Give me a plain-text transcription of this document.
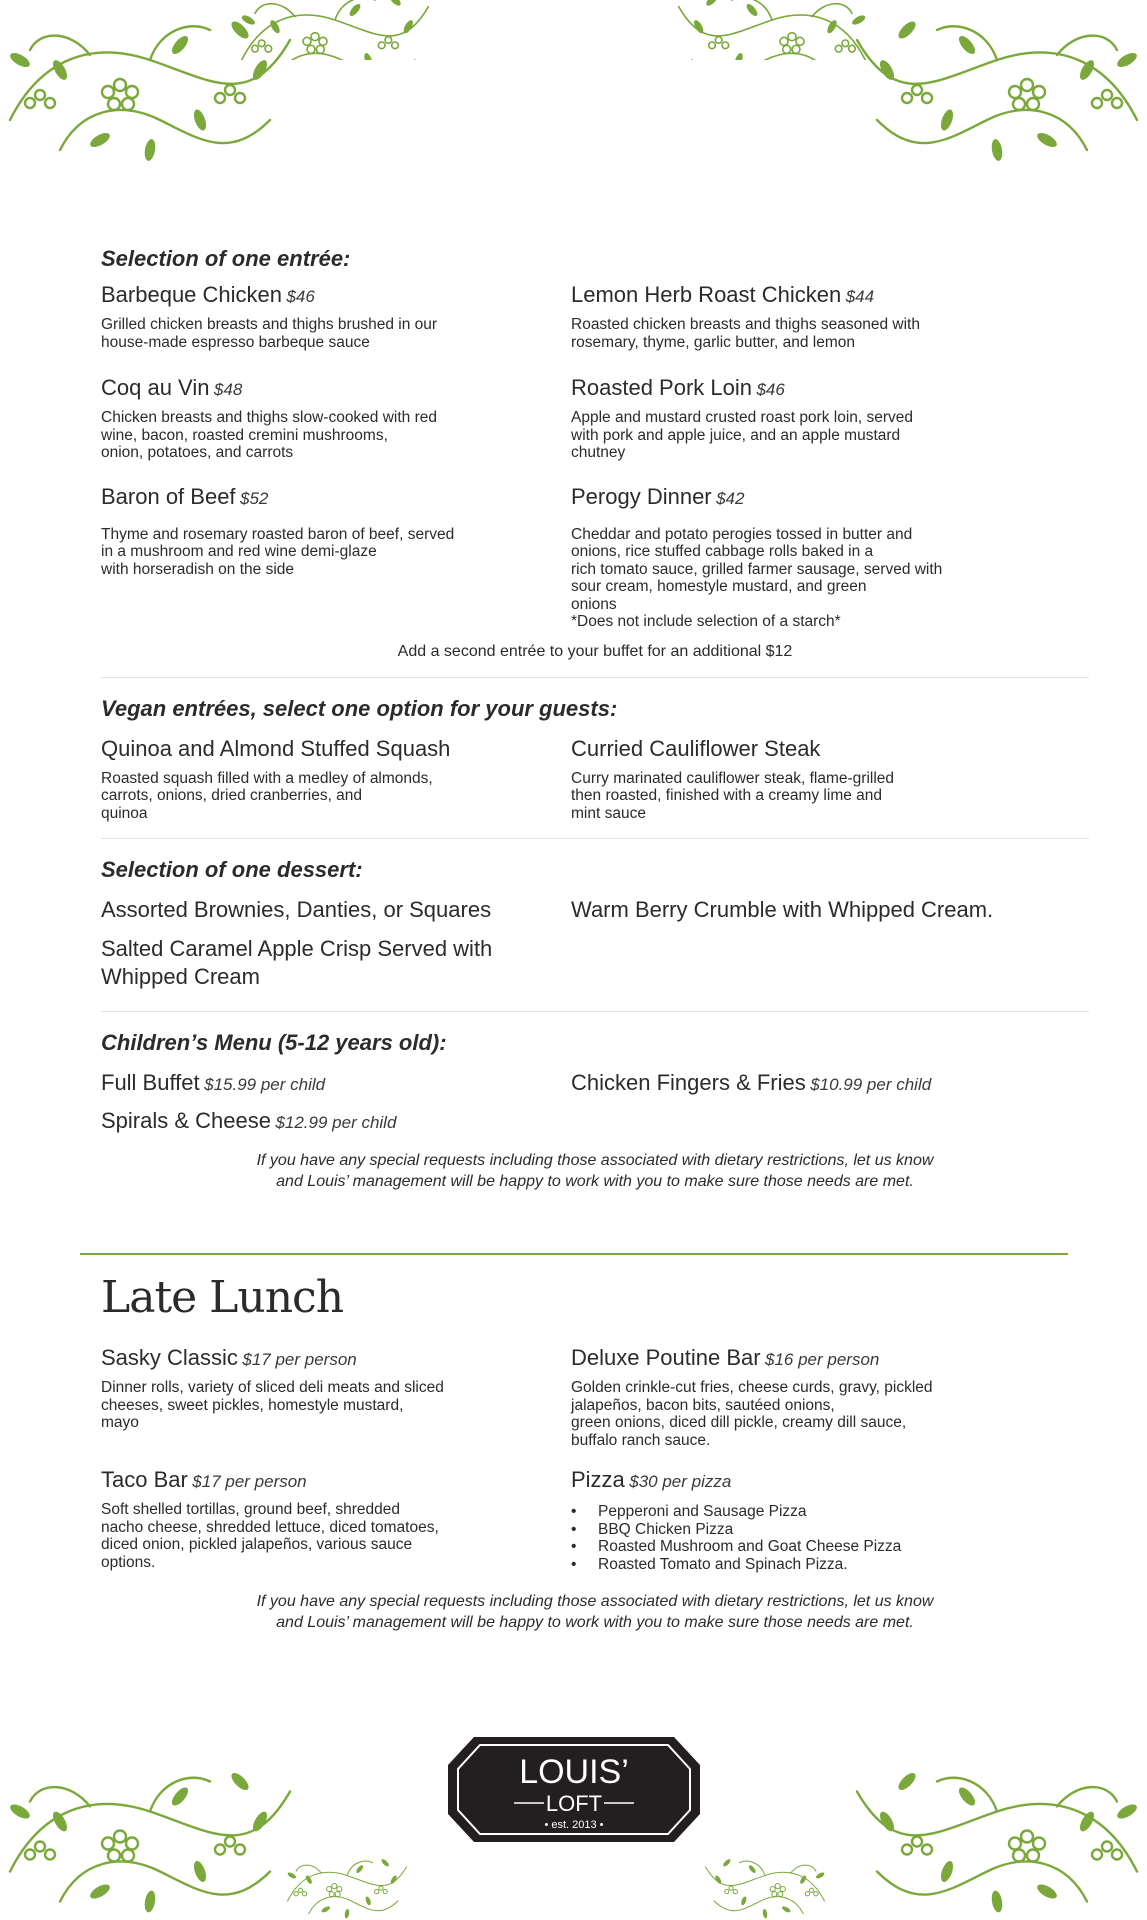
Selection of one entrée:
Barbeque Chicken $46
Grilled chicken breasts and thighs brushed in our
house-made espresso barbeque sauce
Lemon Herb Roast Chicken $44
Roasted chicken breasts and thighs seasoned with
rosemary, thyme, garlic butter, and lemon
Coq au Vin $48
Chicken breasts and thighs slow-cooked with red
wine, bacon, roasted cremini mushrooms,
onion, potatoes, and carrots
Roasted Pork Loin $46
Apple and mustard crusted roast pork loin, served
with pork and apple juice, and an apple mustard
chutney
Baron of Beef $52
Thyme and rosemary roasted baron of beef, served
in a mushroom and red wine demi-glaze
with horseradish on the side
Perogy Dinner $42
Cheddar and potato perogies tossed in butter and
onions, rice stuffed cabbage rolls baked in a
rich tomato sauce, grilled farmer sausage, served with
sour cream, homestyle mustard, and green
onions
*Does not include selection of a starch*
Add a second entrée to your buffet for an additional $12
Vegan entrées, select one option for your guests:
Quinoa and Almond Stuffed Squash
Roasted squash filled with a medley of almonds,
carrots, onions, dried cranberries, and
quinoa
Curried Cauliflower Steak
Curry marinated cauliflower steak, flame-grilled
then roasted, finished with a creamy lime and
mint sauce
Selection of one dessert:
Assorted Brownies, Danties, or Squares
Salted Caramel Apple Crisp Served with
Whipped Cream
Warm Berry Crumble with Whipped Cream.
Children’s Menu (5-12 years old):
Full Buffet $15.99 per child
Spirals & Cheese $12.99 per child
Chicken Fingers & Fries $10.99 per child
If you have any special requests including those associated with dietary restrictions, let us know
and Louis’ management will be happy to work with you to make sure those needs are met.
Late Lunch
Sasky Classic $17 per person
Dinner rolls, variety of sliced deli meats and sliced
cheeses, sweet pickles, homestyle mustard,
mayo
Deluxe Poutine Bar $16 per person
Golden crinkle-cut fries, cheese curds, gravy, pickled
jalapeños, bacon bits, sautéed onions,
green onions, diced dill pickle, creamy dill sauce,
buffalo ranch sauce.
Taco Bar $17 per person
Soft shelled tortillas, ground beef, shredded
nacho cheese, shredded lettuce, diced tomatoes,
diced onion, pickled jalapeños, various sauce
options.
Pizza $30 per pizza
• Pepperoni and Sausage Pizza
• BBQ Chicken Pizza
• Roasted Mushroom and Goat Cheese Pizza
• Roasted Tomato and Spinach Pizza.
If you have any special requests including those associated with dietary restrictions, let us know
and Louis’ management will be happy to work with you to make sure those needs are met.
LOUIS’
LOFT
• est. 2013 •
